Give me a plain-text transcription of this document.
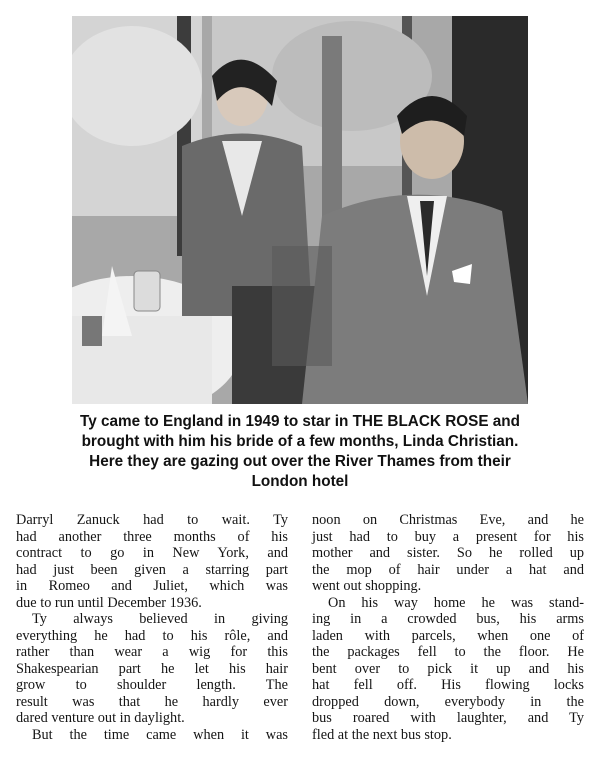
Ty came to England in 1949 to star in THE BLACK ROSE and
brought with him his bride of a few months, Linda Christian.
Here they are gazing out over the River Thames from their
London hotel
Darryl Zanuck had to wait. Ty
had another three months of his
contract to go in New York, and
had just been given a starring part
in Romeo and Juliet, which was
due to run until December 1936.
Ty always believed in giving
everything he had to his rôle, and
rather than wear a wig for this
Shakespearian part he let his hair
grow to shoulder length. The
result was that he hardly ever
dared venture out in daylight.
But the time came when it was
noon on Christmas Eve, and he
just had to buy a present for his
mother and sister. So he rolled up
the mop of hair under a hat and
went out shopping.
On his way home he was stand-
ing in a crowded bus, his arms
laden with parcels, when one of
the packages fell to the floor. He
bent over to pick it up and his
hat fell off. His flowing locks
dropped down, everybody in the
bus roared with laughter, and Ty
fled at the next bus stop.
